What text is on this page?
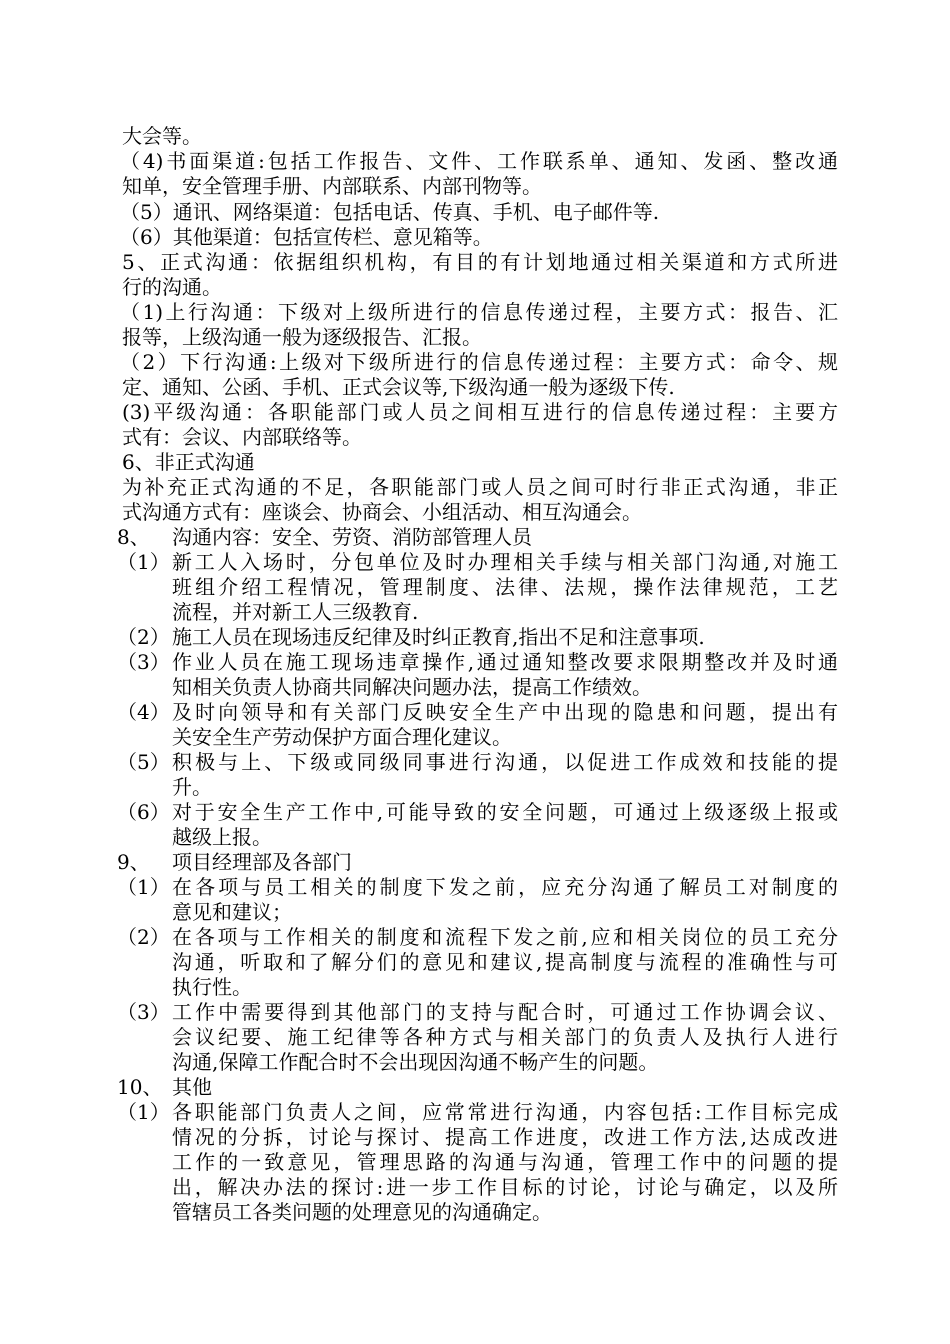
大会等。
（4)书面渠道:包括工作报告、文件、工作联系单、通知、发函、整改通
知单，安全管理手册、内部联系、内部刊物等。
（5）通讯、网络渠道：包括电话、传真、手机、电子邮件等.
（6）其他渠道：包括宣传栏、意见箱等。
5、正式沟通：依据组织机构，有目的有计划地通过相关渠道和方式所进
行的沟通。
（1)上行沟通：下级对上级所进行的信息传递过程，主要方式：报告、汇
报等，上级沟通一般为逐级报告、汇报。
（2）下行沟通:上级对下级所进行的信息传递过程：主要方式：命令、规
定、通知、公函、手机、正式会议等,下级沟通一般为逐级下传.
(3)平级沟通：各职能部门或人员之间相互进行的信息传递过程：主要方
式有：会议、内部联络等。
6、非正式沟通
为补充正式沟通的不足，各职能部门或人员之间可时行非正式沟通，非正
式沟通方式有：座谈会、协商会、小组活动、相互沟通会。
8、 沟通内容：安全、劳资、消防部管理人员
（1） 新工人入场时，分包单位及时办理相关手续与相关部门沟通,对施工
班组介绍工程情况，管理制度、法律、法规，操作法律规范，工艺
流程，并对新工人三级教育.
（2） 施工人员在现场违反纪律及时纠正教育,指出不足和注意事项.
（3） 作业人员在施工现场违章操作,通过通知整改要求限期整改并及时通
知相关负责人协商共同解决问题办法，提高工作绩效。
（4） 及时向领导和有关部门反映安全生产中出现的隐患和问题，提出有
关安全生产劳动保护方面合理化建议。
（5） 积极与上、下级或同级同事进行沟通，以促进工作成效和技能的提
升。
（6） 对于安全生产工作中,可能导致的安全问题，可通过上级逐级上报或
越级上报。
9、 项目经理部及各部门
（1） 在各项与员工相关的制度下发之前，应充分沟通了解员工对制度的
意见和建议；
（2） 在各项与工作相关的制度和流程下发之前,应和相关岗位的员工充分
沟通，听取和了解分们的意见和建议,提高制度与流程的准确性与可
执行性。
（3） 工作中需要得到其他部门的支持与配合时，可通过工作协调会议、
会议纪要、施工纪律等各种方式与相关部门的负责人及执行人进行
沟通,保障工作配合时不会出现因沟通不畅产生的问题。
10、 其他
（1） 各职能部门负责人之间，应常常进行沟通，内容包括:工作目标完成
情况的分拆，讨论与探讨、提高工作进度，改进工作方法,达成改进
工作的一致意见，管理思路的沟通与沟通，管理工作中的问题的提
出，解决办法的探讨:进一步工作目标的讨论，讨论与确定，以及所
管辖员工各类问题的处理意见的沟通确定。
